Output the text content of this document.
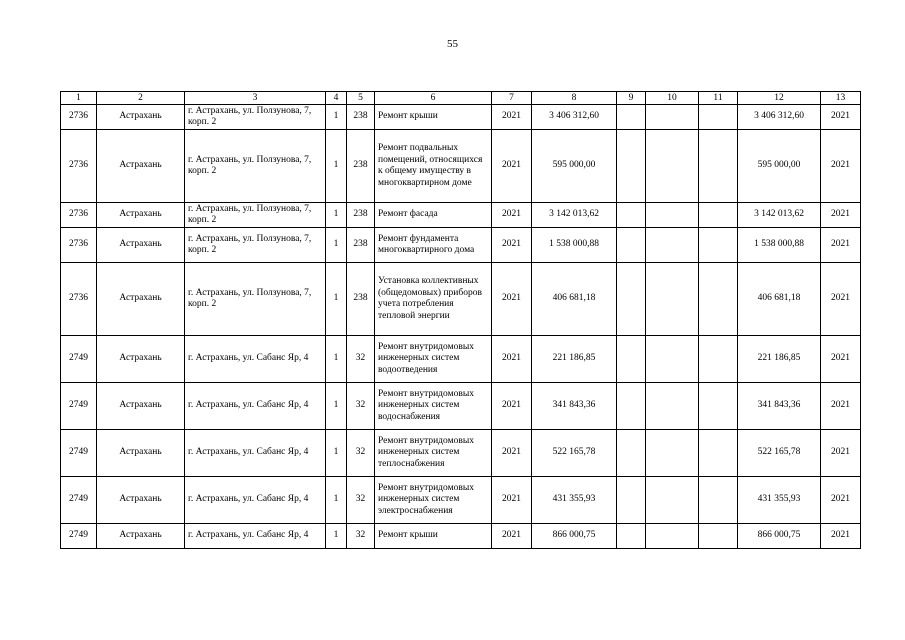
55
1	2	3	4	5	6	7	8	9	10	11	12	13
2736	Астрахань	г. Астрахань, ул. Ползунова, 7, корп. 2	1	238	Ремонт крыши	2021	3 406 312,60				3 406 312,60	2021
2736	Астрахань	г. Астрахань, ул. Ползунова, 7, корп. 2	1	238	Ремонт подвальных помещений, относящихся к общему имуществу в многоквартирном доме	2021	595 000,00				595 000,00	2021
2736	Астрахань	г. Астрахань, ул. Ползунова, 7, корп. 2	1	238	Ремонт фасада	2021	3 142 013,62				3 142 013,62	2021
2736	Астрахань	г. Астрахань, ул. Ползунова, 7, корп. 2	1	238	Ремонт фундамента многоквартирного дома	2021	1 538 000,88				1 538 000,88	2021
2736	Астрахань	г. Астрахань, ул. Ползунова, 7, корп. 2	1	238	Установка коллективных (общедомовых) приборов учета потребления тепловой энергии	2021	406 681,18				406 681,18	2021
2749	Астрахань	г. Астрахань, ул. Сабанс Яр, 4	1	32	Ремонт внутридомовых инженерных систем водоотведения	2021	221 186,85				221 186,85	2021
2749	Астрахань	г. Астрахань, ул. Сабанс Яр, 4	1	32	Ремонт внутридомовых инженерных систем водоснабжения	2021	341 843,36				341 843,36	2021
2749	Астрахань	г. Астрахань, ул. Сабанс Яр, 4	1	32	Ремонт внутридомовых инженерных систем теплоснабжения	2021	522 165,78				522 165,78	2021
2749	Астрахань	г. Астрахань, ул. Сабанс Яр, 4	1	32	Ремонт внутридомовых инженерных систем электроснабжения	2021	431 355,93				431 355,93	2021
2749	Астрахань	г. Астрахань, ул. Сабанс Яр, 4	1	32	Ремонт крыши	2021	866 000,75				866 000,75	2021
